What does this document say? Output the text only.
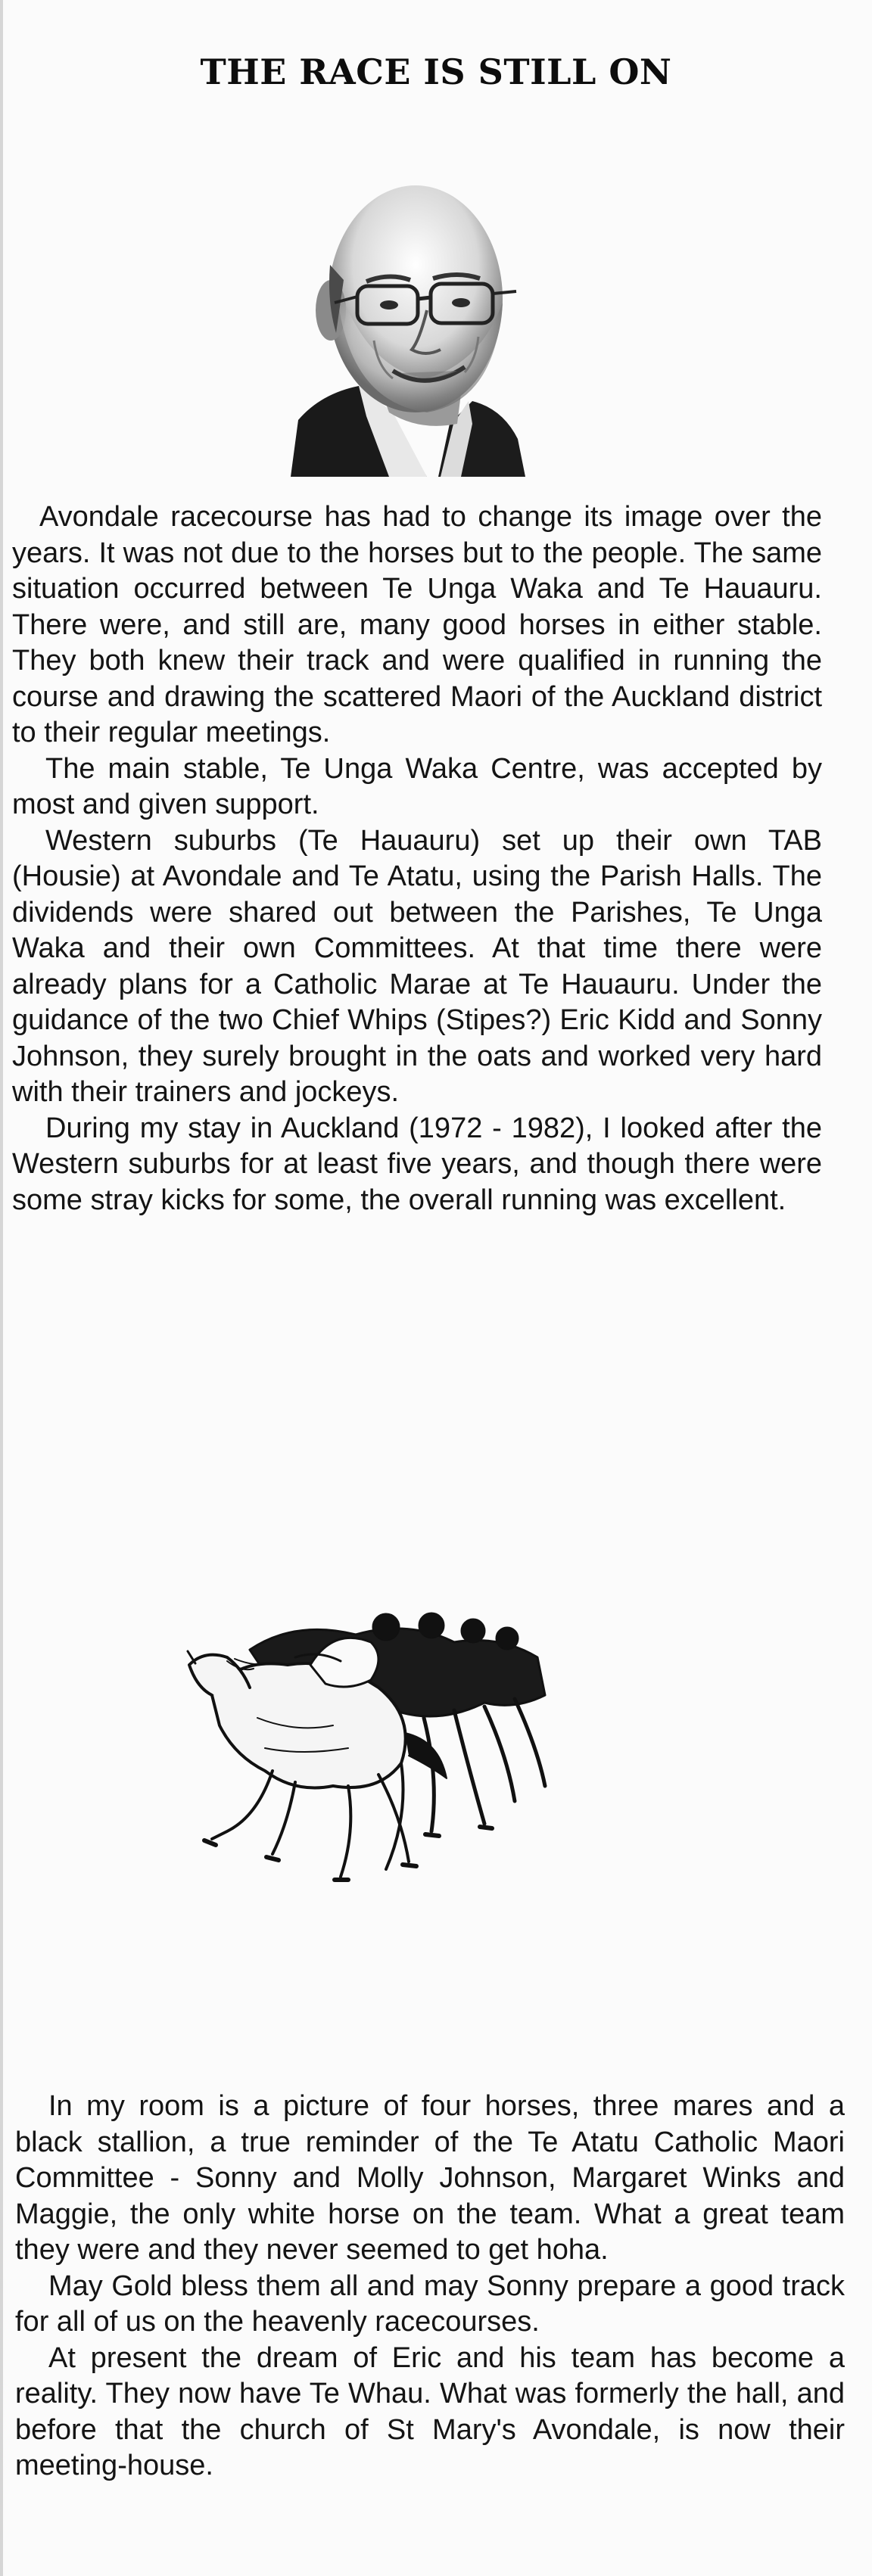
THE RACE IS STILL ON

Avondale racecourse has had to change its image over the years. It was not due to the horses but to the people. The same situation occurred between Te Unga Waka and Te Hauauru. There were, and still are, many good horses in either stable. They both knew their track and were qualified in running the course and drawing the scattered Maori of the Auckland district to their regular meetings.

The main stable, Te Unga Waka Centre, was accepted by most and given support.

Western suburbs (Te Hauauru) set up their own TAB (Housie) at Avondale and Te Atatu, using the Parish Halls. The dividends were shared out between the Parishes, Te Unga Waka and their own Committees. At that time there were already plans for a Catholic Marae at Te Hauauru. Under the guidance of the two Chief Whips (Stipes?) Eric Kidd and Sonny Johnson, they surely brought in the oats and worked very hard with their trainers and jockeys.

During my stay in Auckland (1972 - 1982), I looked after the Western suburbs for at least five years, and though there were some stray kicks for some, the overall running was excellent.

In my room is a picture of four horses, three mares and a black stallion, a true reminder of the Te Atatu Catholic Maori Committee - Sonny and Molly Johnson, Margaret Winks and Maggie, the only white horse on the team. What a great team they were and they never seemed to get hoha.

May Gold bless them all and may Sonny prepare a good track for all of us on the heavenly racecourses.

At present the dream of Eric and his team has become a reality. They now have Te Whau. What was formerly the hall, and before that the church of St Mary's Avondale, is now their meeting-house.
